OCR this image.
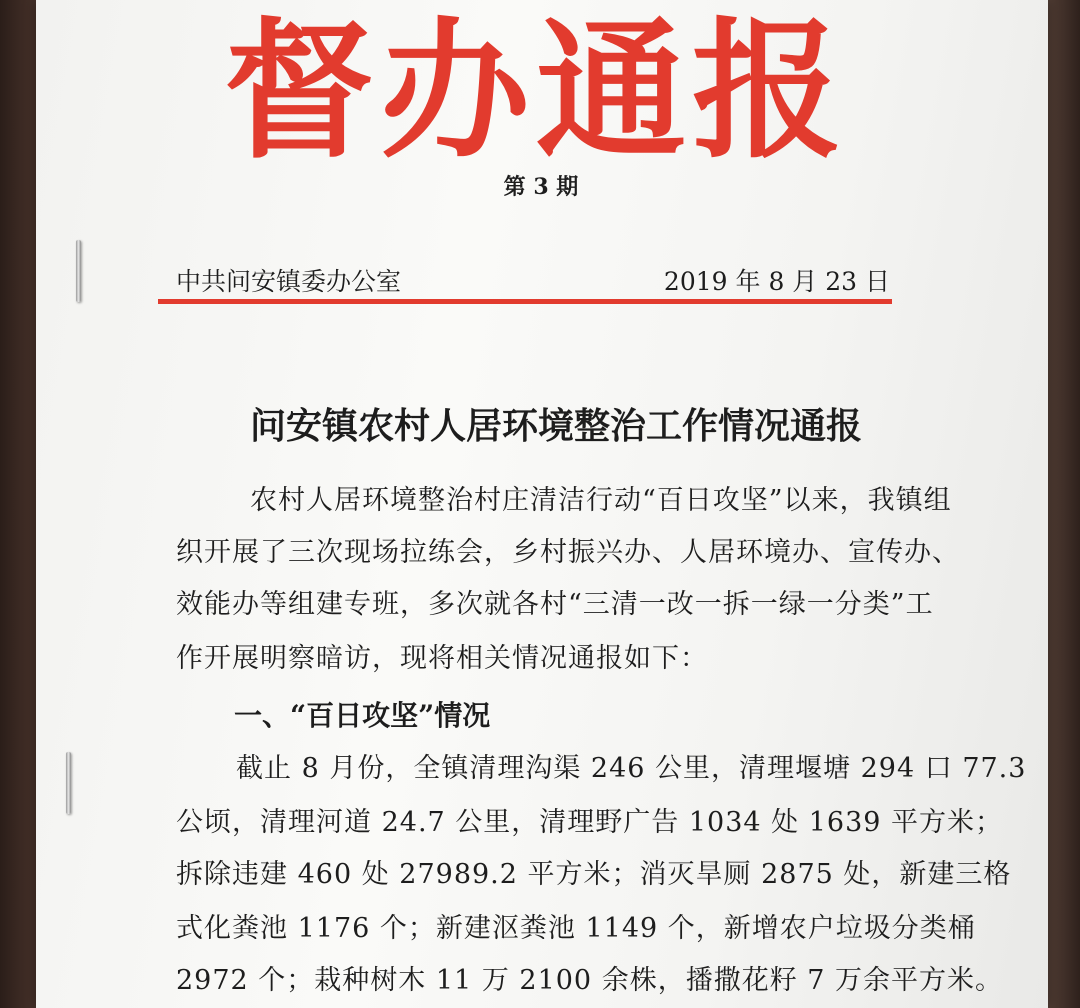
督办通报
第 3 期
中共问安镇委办公室	2019 年 8 月 23 日
问安镇农村人居环境整治工作情况通报
农村人居环境整治村庄清洁行动“百日攻坚”以来，我镇组
织开展了三次现场拉练会，乡村振兴办、人居环境办、宣传办、
效能办等组建专班，多次就各村“三清一改一拆一绿一分类”工
作开展明察暗访，现将相关情况通报如下：
一、“百日攻坚”情况
截止 8 月份，全镇清理沟渠 246 公里，清理堰塘 294 口 77.3
公顷，清理河道 24.7 公里，清理野广告 1034 处 1639 平方米；
拆除违建 460 处 27989.2 平方米；消灭旱厕 2875 处，新建三格
式化粪池 1176 个；新建沤粪池 1149 个，新增农户垃圾分类桶
2972 个；栽种树木 11 万 2100 余株，播撒花籽 7 万余平方米。
